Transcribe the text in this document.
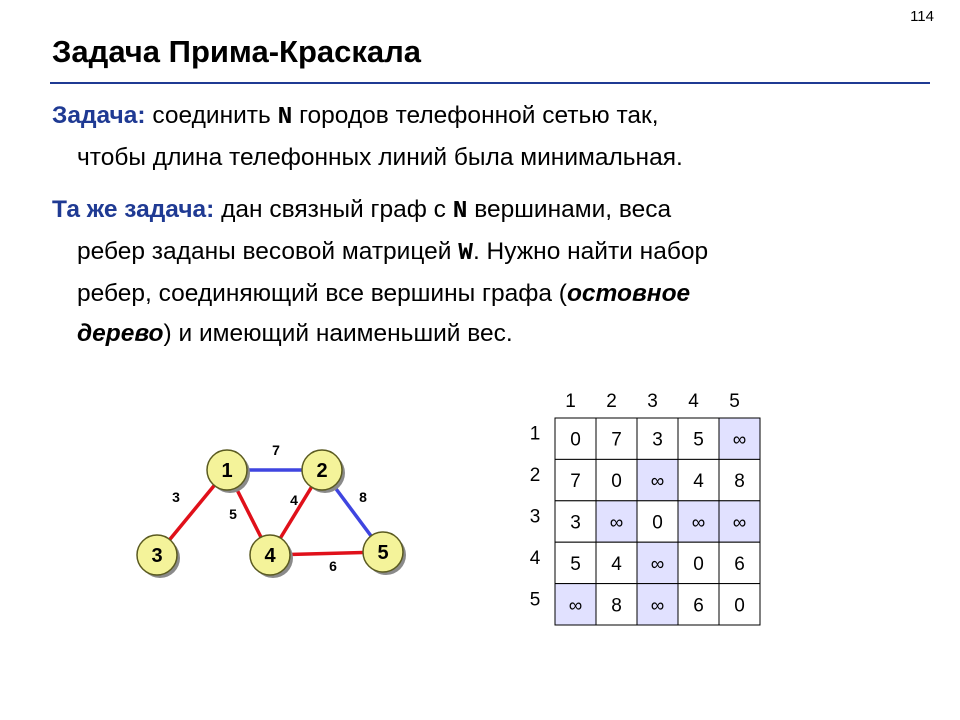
114
Задача Прима-Краскала
Задача: соединить N городов телефонной сетью так,
чтобы длина телефонных линий была минимальная.
Та же задача: дан связный граф с N вершинами, веса
ребер заданы весовой матрицей W. Нужно найти набор
ребер, соединяющий все вершины графа (остовное
дерево) и имеющий наименьший вес.
7
3
5
4	8
6
1	2
3	4	5
1 2 3 4 5
1
2
3
4
5
0 7 3 5 ∞
7 0 ∞ 4 8
3 ∞ 0 ∞ ∞
5 4 ∞ 0 6
∞ 8 ∞ 6 0
